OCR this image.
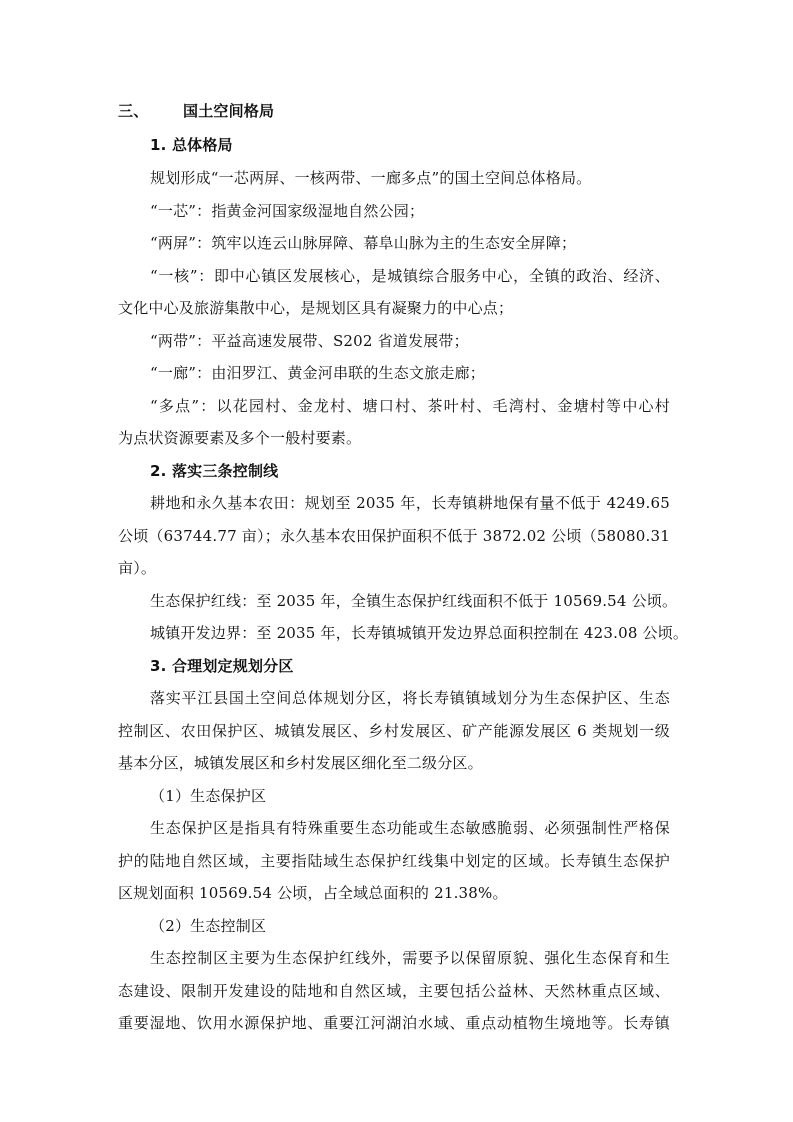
三、 国土空间格局
1. 总体格局
规划形成“一芯两屏、一核两带、一廊多点”的国土空间总体格局。
“一芯”：指黄金河国家级湿地自然公园；
“两屏”：筑牢以连云山脉屏障、幕阜山脉为主的生态安全屏障；
“一核”：即中心镇区发展核心，是城镇综合服务中心，全镇的政治、经济、
文化中心及旅游集散中心，是规划区具有凝聚力的中心点；
“两带”：平益高速发展带、S202 省道发展带；
“一廊”：由汨罗江、黄金河串联的生态文旅走廊；
“多点”：以花园村、金龙村、塘口村、茶叶村、毛湾村、金塘村等中心村
为点状资源要素及多个一般村要素。
2. 落实三条控制线
耕地和永久基本农田：规划至 2035 年，长寿镇耕地保有量不低于 4249.65
公顷（63744.77 亩）；永久基本农田保护面积不低于 3872.02 公顷（58080.31
亩）。
生态保护红线：至 2035 年，全镇生态保护红线面积不低于 10569.54 公顷。
城镇开发边界：至 2035 年，长寿镇城镇开发边界总面积控制在 423.08 公顷。
3. 合理划定规划分区
落实平江县国土空间总体规划分区，将长寿镇镇域划分为生态保护区、生态
控制区、农田保护区、城镇发展区、乡村发展区、矿产能源发展区 6 类规划一级
基本分区，城镇发展区和乡村发展区细化至二级分区。
（1）生态保护区
生态保护区是指具有特殊重要生态功能或生态敏感脆弱、必须强制性严格保
护的陆地自然区域，主要指陆域生态保护红线集中划定的区域。长寿镇生态保护
区规划面积 10569.54 公顷，占全域总面积的 21.38%。
（2）生态控制区
生态控制区主要为生态保护红线外，需要予以保留原貌、强化生态保育和生
态建设、限制开发建设的陆地和自然区域，主要包括公益林、天然林重点区域、
重要湿地、饮用水源保护地、重要江河湖泊水域、重点动植物生境地等。长寿镇
